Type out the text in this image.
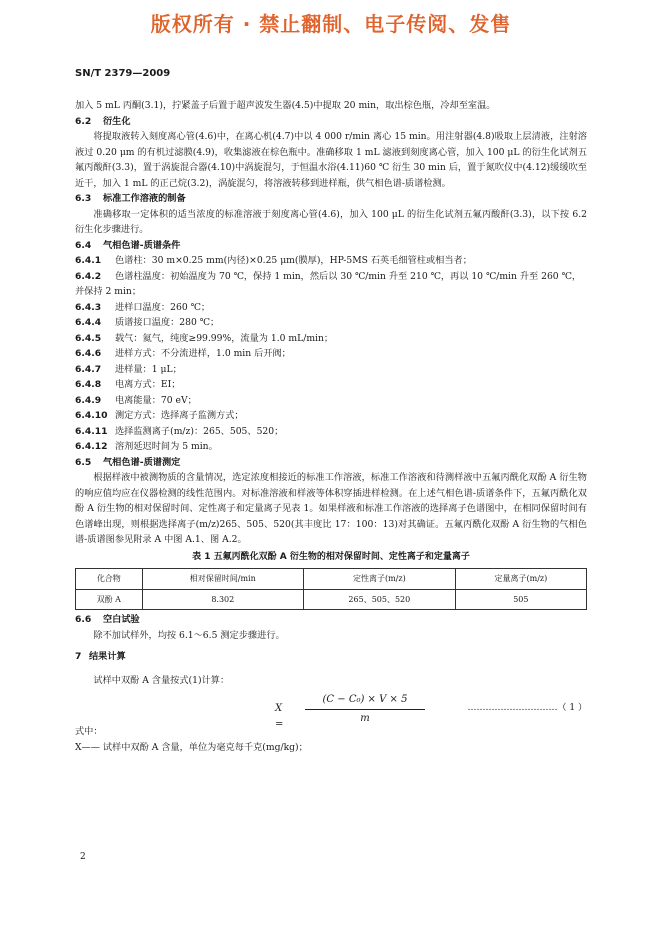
版权所有 · 禁止翻制、电子传阅、发售
SN/T 2379—2009

加入 5 mL 丙酮(3.1)，拧紧盖子后置于超声波发生器(4.5)中提取 20 min，取出棕色瓶，冷却至室温。

6.2 衍生化

将提取液转入刻度离心管(4.6)中，在离心机(4.7)中以 4 000 r/min 离心 15 min。用注射器(4.8)吸取上层清液，注射溶液过 0.20 μm 的有机过滤膜(4.9)，收集滤液在棕色瓶中。准确移取 1 mL 滤液到刻度离心管，加入 100 μL 的衍生化试剂五氟丙酸酐(3.3)，置于涡旋混合器(4.10)中涡旋混匀，于恒温水浴(4.11)60 ℃ 衍生 30 min 后，置于氮吹仪中(4.12)缓缓吹至近干，加入 1 mL 的正己烷(3.2)，涡旋混匀，将溶液转移到进样瓶，供气相色谱-质谱检测。

6.3 标准工作溶液的制备

准确移取一定体积的适当浓度的标准溶液于刻度离心管(4.6)，加入 100 μL 的衍生化试剂五氟丙酸酐(3.3)，以下按 6.2 衍生化步骤进行。

6.4 气相色谱-质谱条件

6.4.1 色谱柱：30 m×0.25 mm(内径)×0.25 μm(膜厚)，HP-5MS 石英毛细管柱或相当者；

6.4.2 色谱柱温度：初始温度为 70 ℃，保持 1 min，然后以 30 ℃/min 升至 210 ℃，再以 10 ℃/min 升至 260 ℃，并保持 2 min；

6.4.3 进样口温度：260 ℃；

6.4.4 质谱接口温度：280 ℃；

6.4.5 载气：氦气，纯度≥99.99%，流量为 1.0 mL/min；

6.4.6 进样方式：不分流进样，1.0 min 后开阀；

6.4.7 进样量：1 μL；

6.4.8 电离方式：EI；

6.4.9 电离能量：70 eV；

6.4.10 测定方式：选择离子监测方式；

6.4.11 选择监测离子(m/z)：265、505、520；

6.4.12 溶剂延迟时间为 5 min。

6.5 气相色谱-质谱测定

根据样液中被测物质的含量情况，选定浓度相接近的标准工作溶液，标准工作溶液和待测样液中五氟丙酰化双酚 A 衍生物的响应值均应在仪器检测的线性范围内。对标准溶液和样液等体积穿插进样检测。在上述气相色谱-质谱条件下，五氟丙酰化双酚 A 衍生物的相对保留时间、定性离子和定量离子见表 1。如果样液和标准工作溶液的选择离子色谱图中，在相同保留时间有色谱峰出现，则根据选择离子(m/z)265、505、520(其丰度比 17：100：13)对其确证。五氟丙酰化双酚 A 衍生物的气相色谱-质谱图参见附录 A 中图 A.1、图 A.2。

表 1 五氟丙酰化双酚 A 衍生物的相对保留时间、定性离子和定量离子
化合物	相对保留时间/min	定性离子(m/z)	定量离子(m/z)
双酚 A	8.302	265、505、520	505

6.6 空白试验

除不加试样外，均按 6.1～6.5 测定步骤进行。

7 结果计算

试样中双酚 A 含量按式(1)计算：

$X = \frac{\text{(C − C₀) × V × 5}}{m}$	…………………………（ 1 ）

式中：

X—— 试样中双酚 A 含量，单位为毫克每千克(mg/kg)；

2
